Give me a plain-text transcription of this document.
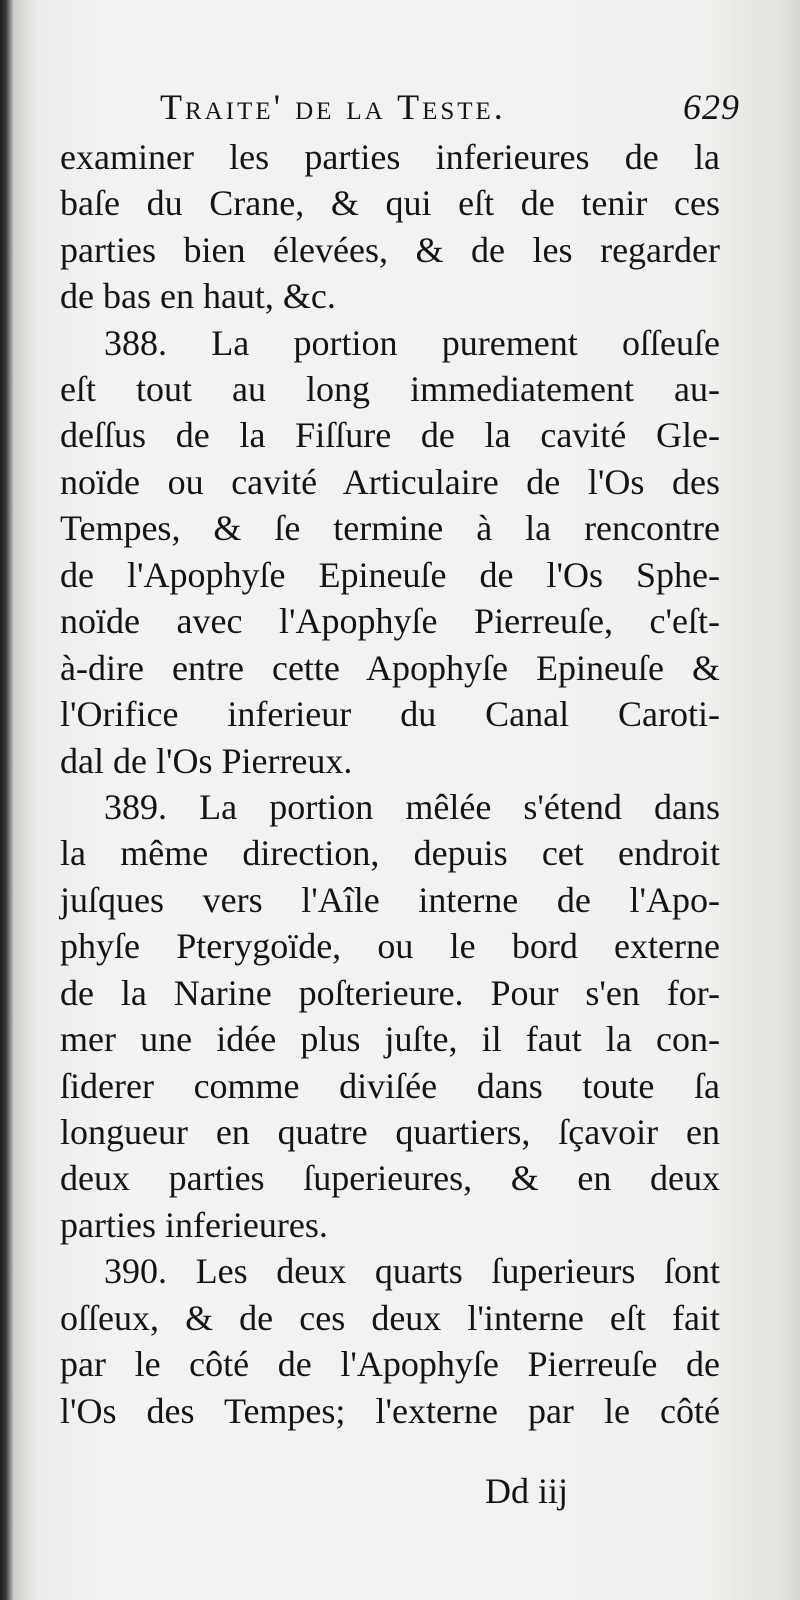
Traite' de la Teste.	629
examiner les parties inferieures de la
baſe du Crane, & qui eſt de tenir ces
parties bien élevées, & de les regarder
de bas en haut, &c.
388. La portion purement oſſeuſe
eſt tout au long immediatement au-
deſſus de la Fiſſure de la cavité Gle-
noïde ou cavité Articulaire de l'Os des
Tempes, & ſe termine à la rencontre
de l'Apophyſe Epineuſe de l'Os Sphe-
noïde avec l'Apophyſe Pierreuſe, c'eſt-
à-dire entre cette Apophyſe Epineuſe &
l'Orifice inferieur du Canal Caroti-
dal de l'Os Pierreux.
389. La portion mêlée s'étend dans
la même direction, depuis cet endroit
juſques vers l'Aîle interne de l'Apo-
phyſe Pterygoïde, ou le bord externe
de la Narine poſterieure. Pour s'en for-
mer une idée plus juſte, il faut la con-
ſiderer comme diviſée dans toute ſa
longueur en quatre quartiers, ſçavoir en
deux parties ſuperieures, & en deux
parties inferieures.
390. Les deux quarts ſuperieurs ſont
oſſeux, & de ces deux l'interne eſt fait
par le côté de l'Apophyſe Pierreuſe de
l'Os des Tempes; l'externe par le côté
Dd iij
